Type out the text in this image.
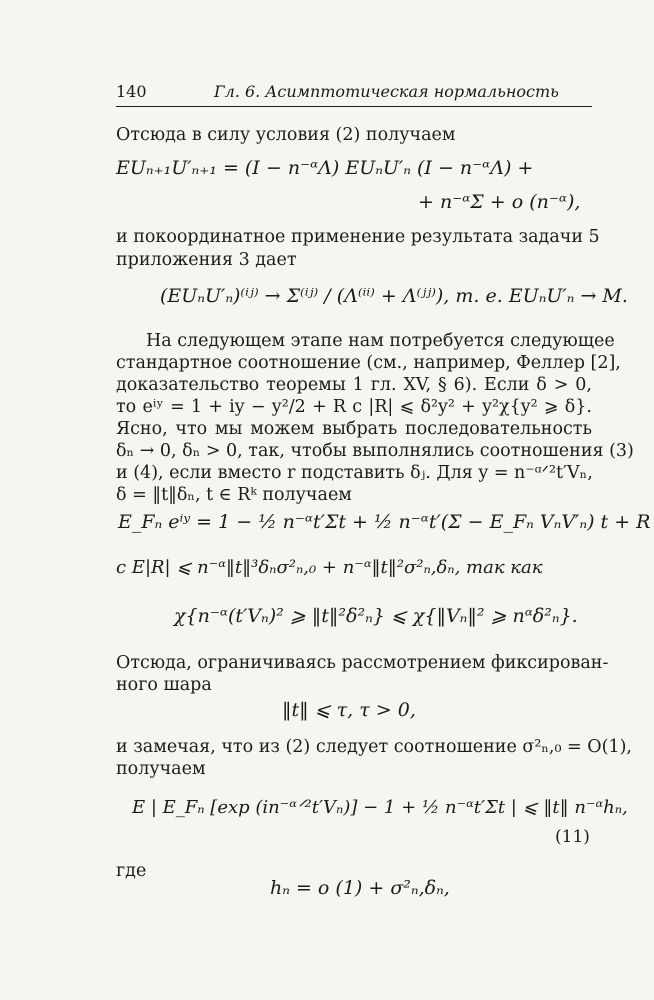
140	Гл. 6. Асимптотическая нормальность
Отсюда в силу условия (2) получаем
EUₙ₊₁U′ₙ₊₁ = (I − n⁻ᵅΛ) EUₙU′ₙ (I − n⁻ᵅΛ) +
+ n⁻ᵅΣ + o (n⁻ᵅ),
и покоординатное применение результата задачи 5
приложения 3 дает
(EUₙU′ₙ)⁽ⁱʲ⁾ → Σ⁽ⁱʲ⁾ / (Λ⁽ⁱⁱ⁾ + Λ⁽ʲʲ⁾), т. е. EUₙU′ₙ → M.
На следующем этапе нам потребуется следующее
стандартное соотношение (см., например, Феллер [2],
доказательство теоремы 1 гл. XV, § 6). Если δ > 0,
то eⁱʸ = 1 + iy − y²/2 + R с |R| ⩽ δ²y² + y²χ{y² ⩾ δ}.
Ясно, что мы можем выбрать последовательность
δₙ → 0, δₙ > 0, так, чтобы выполнялись соотношения (3)
и (4), если вместо r подставить δⱼ. Для y = n⁻ᵅᐟ²t′Vₙ,
δ = ‖t‖δₙ, t ∈ Rᵏ получаем
E_Fₙ eⁱʸ = 1 − ½ n⁻ᵅt′Σt + ½ n⁻ᵅt′(Σ − E_Fₙ VₙV′ₙ) t + R
с E|R| ⩽ n⁻ᵅ‖t‖³δₙσ²ₙ,₀ + n⁻ᵅ‖t‖²σ²ₙ,δₙ, так как
χ{n⁻ᵅ(t′Vₙ)² ⩾ ‖t‖²δ²ₙ} ⩽ χ{‖Vₙ‖² ⩾ nᵅδ²ₙ}.
Отсюда, ограничиваясь рассмотрением фиксирован-
ного шара
‖t‖ ⩽ τ, τ > 0,
и замечая, что из (2) следует соотношение σ²ₙ,₀ = O(1),
получаем
E | E_Fₙ [exp (in⁻ᵅᐟ²t′Vₙ)] − 1 + ½ n⁻ᵅt′Σt | ⩽ ‖t‖ n⁻ᵅhₙ,
(11)
где
hₙ = o (1) + σ²ₙ,δₙ,
